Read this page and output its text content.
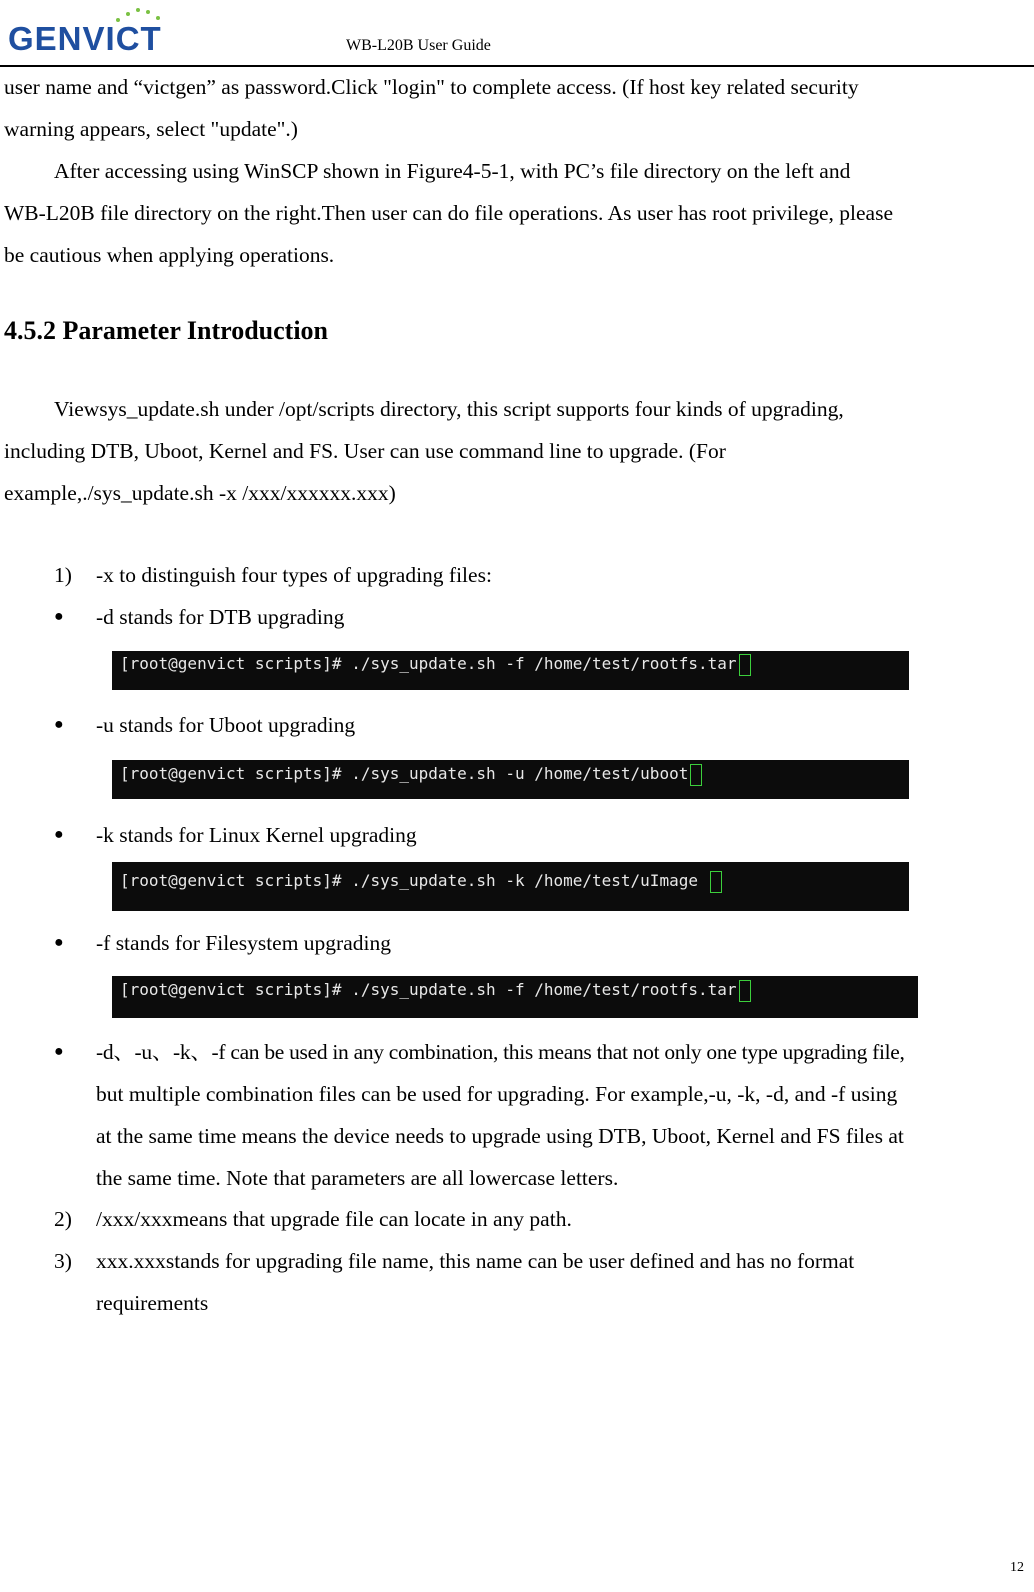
GENVICT	WB-L20B User Guide
user name and “victgen” as password.Click "login" to complete access. (If host key related security
warning appears, select "update".)
After accessing using WinSCP shown in Figure4-5-1, with PC’s file directory on the left and
WB-L20B file directory on the right.Then user can do file operations. As user has root privilege, please
be cautious when applying operations.
4.5.2 Parameter Introduction
Viewsys_update.sh under /opt/scripts directory, this script supports four kinds of upgrading,
including DTB, Uboot, Kernel and FS. User can use command line to upgrade. (For
example,./sys_update.sh -x /xxx/xxxxxx.xxx)
1) -x to distinguish four types of upgrading files:
● -d stands for DTB upgrading
[root@genvict scripts]# ./sys_update.sh -f /home/test/rootfs.tar
● -u stands for Uboot upgrading
[root@genvict scripts]# ./sys_update.sh -u /home/test/uboot
● -k stands for Linux Kernel upgrading
[root@genvict scripts]# ./sys_update.sh -k /home/test/uImage
● -f stands for Filesystem upgrading
[root@genvict scripts]# ./sys_update.sh -f /home/test/rootfs.tar
● -d、-u、-k、-f can be used in any combination, this means that not only one type upgrading file,
but multiple combination files can be used for upgrading. For example,-u, -k, -d, and -f using
at the same time means the device needs to upgrade using DTB, Uboot, Kernel and FS files at
the same time. Note that parameters are all lowercase letters.
2) /xxx/xxxmeans that upgrade file can locate in any path.
3) xxx.xxxstands for upgrading file name, this name can be user defined and has no format
requirements
12
